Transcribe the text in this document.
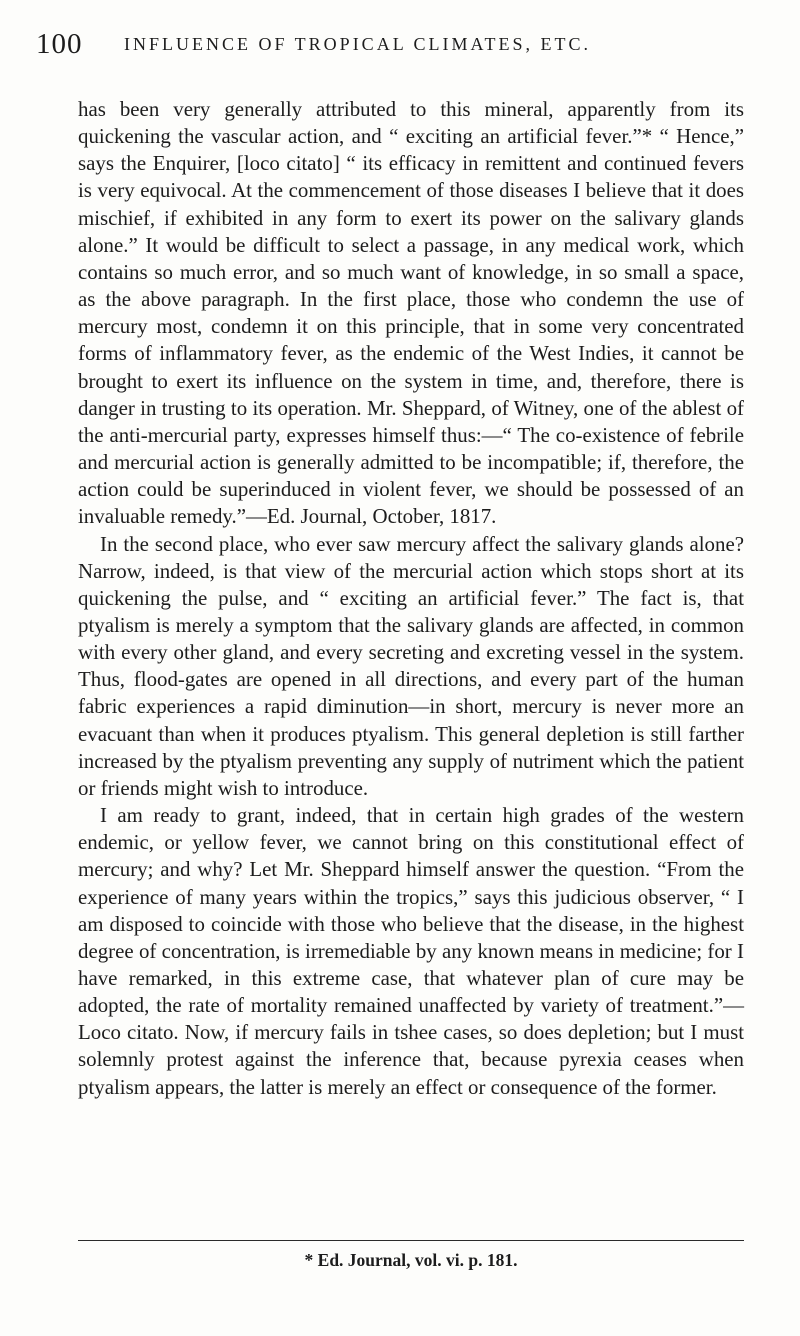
100 INFLUENCE OF TROPICAL CLIMATES, ETC.

has been very generally attributed to this mineral, apparently from its quickening the vascular action, and “ exciting an artificial fever.”* “ Hence,” says the Enquirer, [loco citato] “ its efficacy in remittent and continued fevers is very equivocal. At the commencement of those diseases I believe that it does mischief, if exhibited in any form to exert its power on the salivary glands alone.” It would be difficult to select a passage, in any medical work, which contains so much error, and so much want of knowledge, in so small a space, as the above paragraph. In the first place, those who condemn the use of mercury most, condemn it on this principle, that in some very concentrated forms of inflammatory fever, as the endemic of the West Indies, it cannot be brought to exert its influence on the system in time, and, therefore, there is danger in trusting to its operation. Mr. Sheppard, of Witney, one of the ablest of the anti-mercurial party, expresses himself thus:—“ The co-existence of febrile and mercurial action is generally admitted to be incompatible; if, therefore, the action could be superinduced in violent fever, we should be possessed of an invaluable remedy.”—Ed. Journal, October, 1817.

In the second place, who ever saw mercury affect the salivary glands alone? Narrow, indeed, is that view of the mercurial action which stops short at its quickening the pulse, and “ exciting an artificial fever.” The fact is, that ptyalism is merely a symptom that the salivary glands are affected, in common with every other gland, and every secreting and excreting vessel in the system. Thus, flood-gates are opened in all directions, and every part of the human fabric experiences a rapid diminution—in short, mercury is never more an evacuant than when it produces ptyalism. This general depletion is still farther increased by the ptyalism preventing any supply of nutriment which the patient or friends might wish to introduce.

I am ready to grant, indeed, that in certain high grades of the western endemic, or yellow fever, we cannot bring on this constitutional effect of mercury; and why? Let Mr. Sheppard himself answer the question. “From the experience of many years within the tropics,” says this judicious observer, “ I am disposed to coincide with those who believe that the disease, in the highest degree of concentration, is irremediable by any known means in medicine; for I have remarked, in this extreme case, that whatever plan of cure may be adopted, the rate of mortality remained unaffected by variety of treatment.”—Loco citato. Now, if mercury fails in tshee cases, so does depletion; but I must solemnly protest against the inference that, because pyrexia ceases when ptyalism appears, the latter is merely an effect or consequence of the former.

* Ed. Journal, vol. vi. p. 181.
